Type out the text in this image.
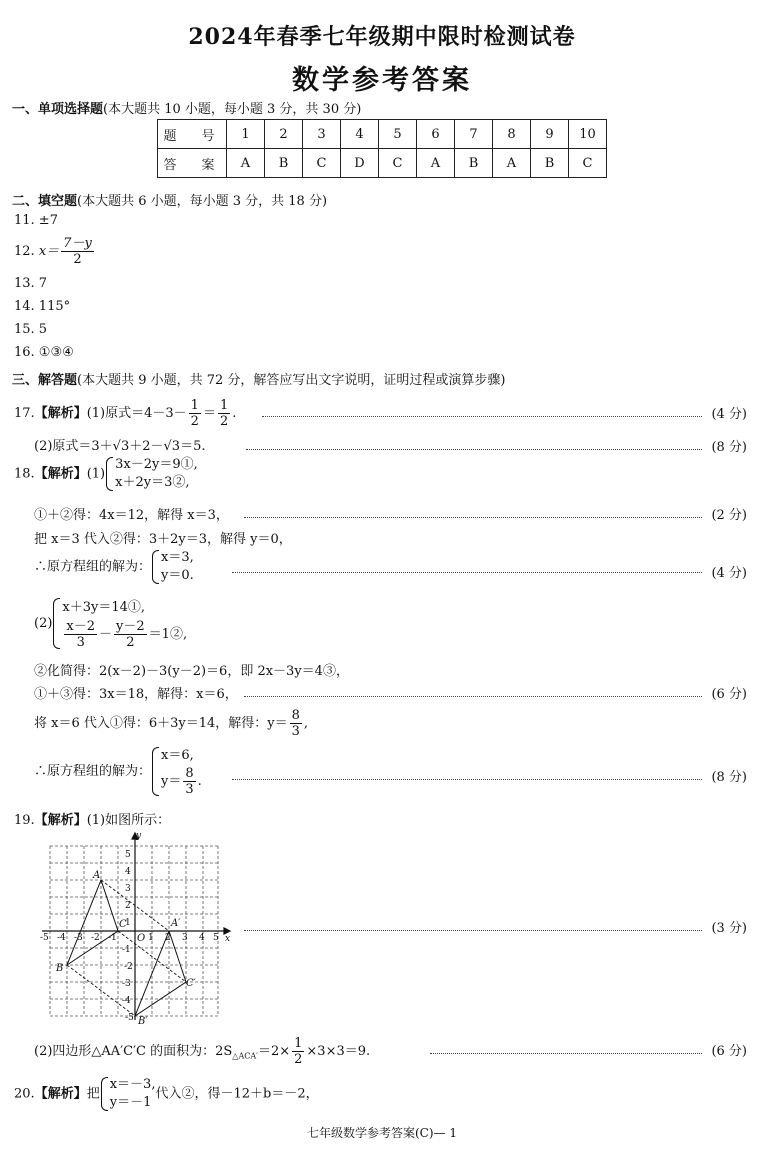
2024年春季七年级期中限时检测试卷
数学参考答案
一、单项选择题(本大题共 10 小题，每小题 3 分，共 30 分)
题　号	1	2	3	4	5	6	7	8	9	10
答　案	A	B	C	D	C	A	B	A	B	C
二、填空题(本大题共 6 小题，每小题 3 分，共 18 分)
11. ±7
12. $x= \frac{7-y}{2}$
13. 7
14. 115°
15. 5
16. ①③④
三、解答题(本大题共 9 小题，共 72 分，解答应写出文字说明，证明过程或演算步骤)
17.【解析】(1)原式$=4-3- \frac{1}{2} = \frac{1}{2}$ .	(4 分)
(2)原式＝3＋√3＋2－√3＝5.	(8 分)
18.【解析】(1)
3x－2y＝9①,
x＋2y＝3②,
①＋②得：4x＝12，解得 x＝3，	(2 分)
把 x＝3 代入②得：3＋2y＝3，解得 y＝0，
∴原方程组的解为：
x＝3,
y＝0.	(4 分)
(2)
x＋3y＝14①,
$\frac{x-2}{3} - \frac{y-2}{2}$ ＝1②,
②化简得：2(x－2)－3(y－2)＝6，即 2x－3y＝4③，
①＋③得：3x＝18，解得：x＝6，	(6 分)
将 x＝6 代入①得：6＋3y＝14，解得：$y= \frac{8}{3}$ ,
∴原方程组的解为：
x＝6,
$y= \frac{8}{3}$ .	(8 分)
19.【解析】(1)如图所示：
y
x
5
4
3
2
1
-1
-2
-3
-4
-5
-5 -4 -3 -2 -1	1 2 3 4 5
O
A
B
C	A′
C′
B′
(3 分)
(2)四边形△AA′C′C 的面积为：$2S_{\triangle ACA'}=2\times \frac{1}{2} \times 3\times 3=9$.	(6 分)
20.【解析】把
x＝－3,
y＝－1
代入②，得－12＋b＝－2，
七年级数学参考答案(C)— 1
